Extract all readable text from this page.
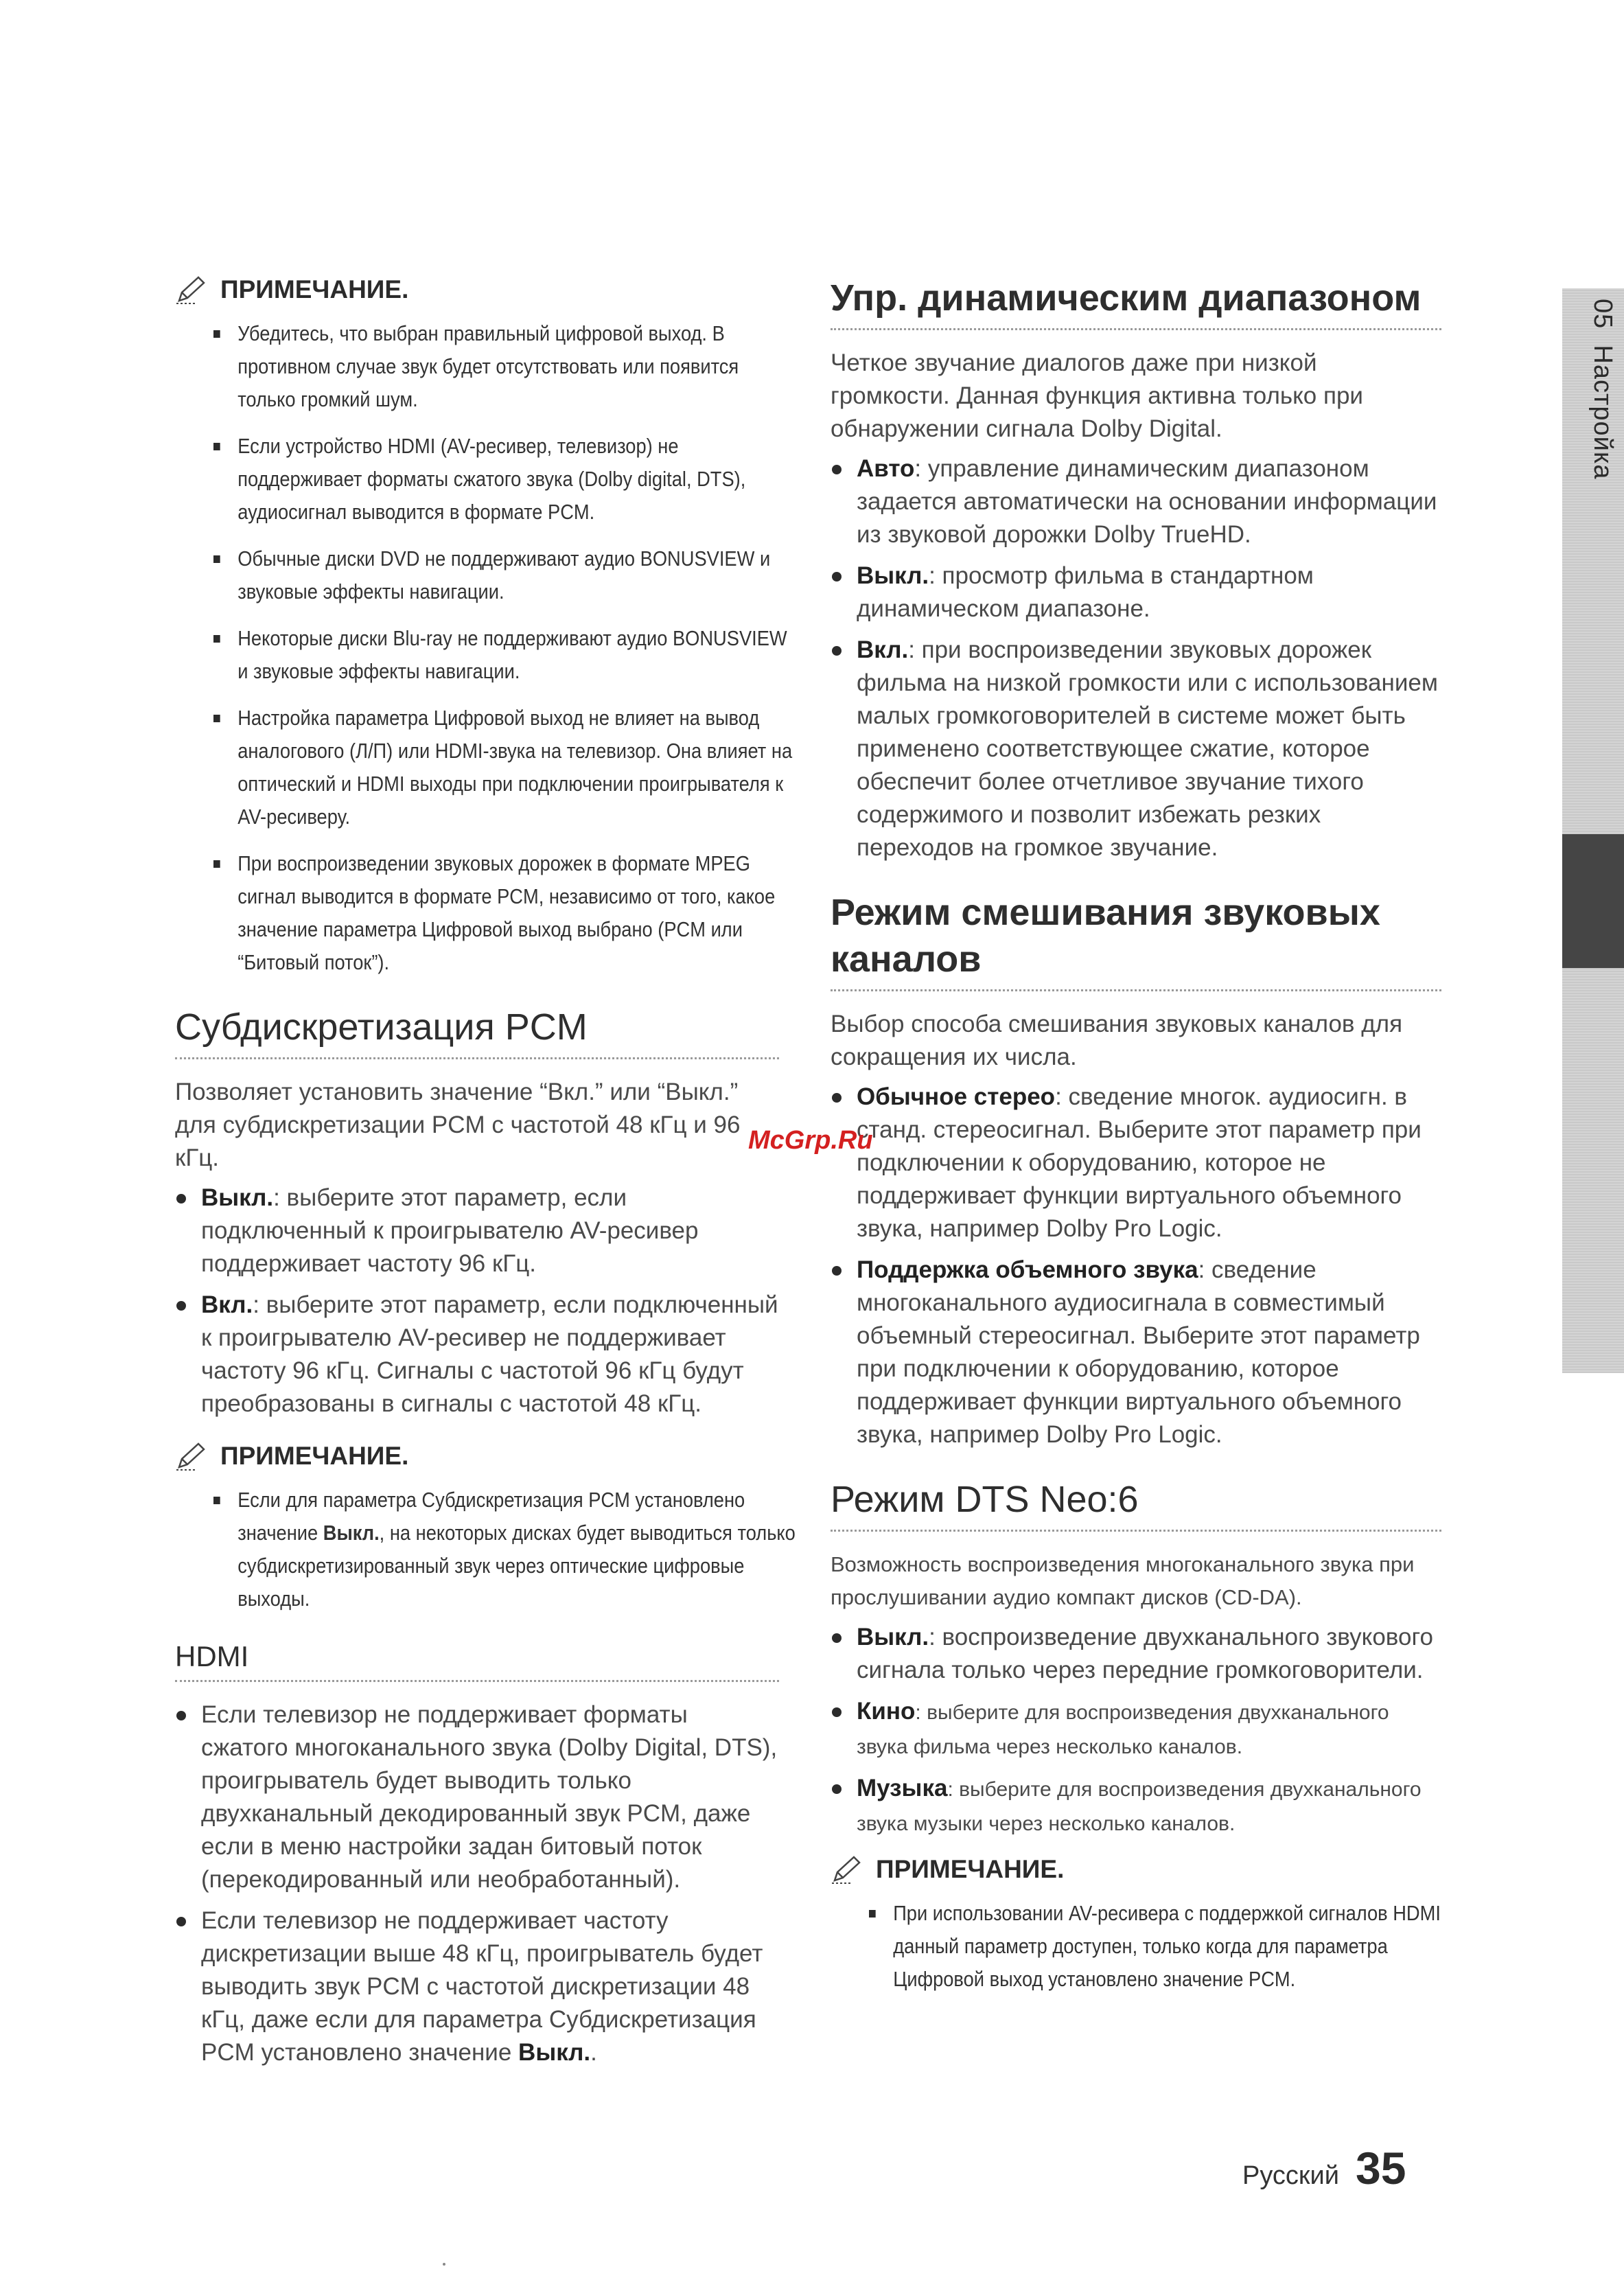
05  Настройка
ПРИМЕЧАНИЕ.
Убедитесь, что выбран правильный цифровой выход. В противном случае звук будет отсутствовать или появится только громкий шум.
Если устройство HDMI (AV-ресивер, телевизор) не поддерживает форматы сжатого звука (Dolby digital, DTS), аудиосигнал выводится в формате PCM.
Обычные диски DVD не поддерживают аудио BONUSVIEW и звуковые эффекты навигации.
Некоторые диски Blu-ray не поддерживают аудио BONUSVIEW и звуковые эффекты навигации.
Настройка параметра Цифровой выход не влияет на вывод аналогового (Л/П) или HDMI-звука на телевизор. Она влияет на оптический и HDMI выходы при подключении проигрывателя к AV-ресиверу.
При воспроизведении звуковых дорожек в формате MPEG сигнал выводится в формате PCM, независимо от того, какое значение параметра Цифровой выход выбрано (PCM или “Битовый поток”).
Субдискретизация PCM

Позволяет установить значение “Вкл.” или “Выкл.” для субдискретизации PCM с частотой 48 кГц и 96 кГц.

Выкл.: выберите этот параметр, если подключенный к проигрывателю AV-ресивер поддерживает частоту 96 кГц.
Вкл.: выберите этот параметр, если подключенный к проигрывателю AV-ресивер не поддерживает частоту 96 кГц. Сигналы с частотой 96 кГц будут преобразованы в сигналы с частотой 48 кГц.
ПРИМЕЧАНИЕ.
Если для параметра Субдискретизация PCM установлено значение Выкл., на некоторых дисках будет выводиться только субдискретизированный звук через оптические цифровые выходы.
HDMI
Если телевизор не поддерживает форматы сжатого многоканального звука (Dolby Digital, DTS), проигрыватель будет выводить только двухканальный декодированный звук PCM, даже если в меню настройки задан битовый поток (перекодированный или необработанный).
Если телевизор не поддерживает частоту дискретизации выше 48 кГц, проигрыватель будет выводить звук PCM с частотой дискретизации 48 кГц, даже если для параметра Субдискретизация PCM установлено значение Выкл..
Упр. динамическим диапазоном

Четкое звучание диалогов даже при низкой громкости. Данная функция активна только при обнаружении сигнала Dolby Digital.

Авто: управление динамическим диапазоном задается автоматически на основании информации из звуковой дорожки Dolby TrueHD.
Выкл.: просмотр фильма в стандартном динамическом диапазоне.
Вкл.: при воспроизведении звуковых дорожек фильма на низкой громкости или с использованием малых громкоговорителей в системе может быть применено соответствующее сжатие, которое обеспечит более отчетливое звучание тихого содержимого и позволит избежать резких переходов на громкое звучание.
Режим смешивания звуковых каналов

Выбор способа смешивания звуковых каналов для сокращения их числа.

Обычное стерео: сведение многок. аудиосигн. в станд. стереосигнал. Выберите этот параметр при подключении к оборудованию, которое не поддерживает функции виртуального объемного звука, например Dolby Pro Logic.
Поддержка объемного звука: сведение многоканального аудиосигнала в совместимый объемный стереосигнал. Выберите этот параметр при подключении к оборудованию, которое поддерживает функции виртуального объемного звука, например Dolby Pro Logic.
Режим DTS Neo:6

Возможность воспроизведения многоканального звука при прослушивании аудио компакт дисков (CD-DA).

Выкл.: воспроизведение двухканального звукового сигнала только через передние громкоговорители.
Кино: выберите для воспроизведения двухканального звука фильма через несколько каналов.
Музыка: выберите для воспроизведения двухканального звука музыки через несколько каналов.
ПРИМЕЧАНИЕ.
При использовании AV-ресивера с поддержкой сигналов HDMI данный параметр доступен, только когда для параметра Цифровой выход установлено значение PCM.
McGrp.Ru
Русский 35
